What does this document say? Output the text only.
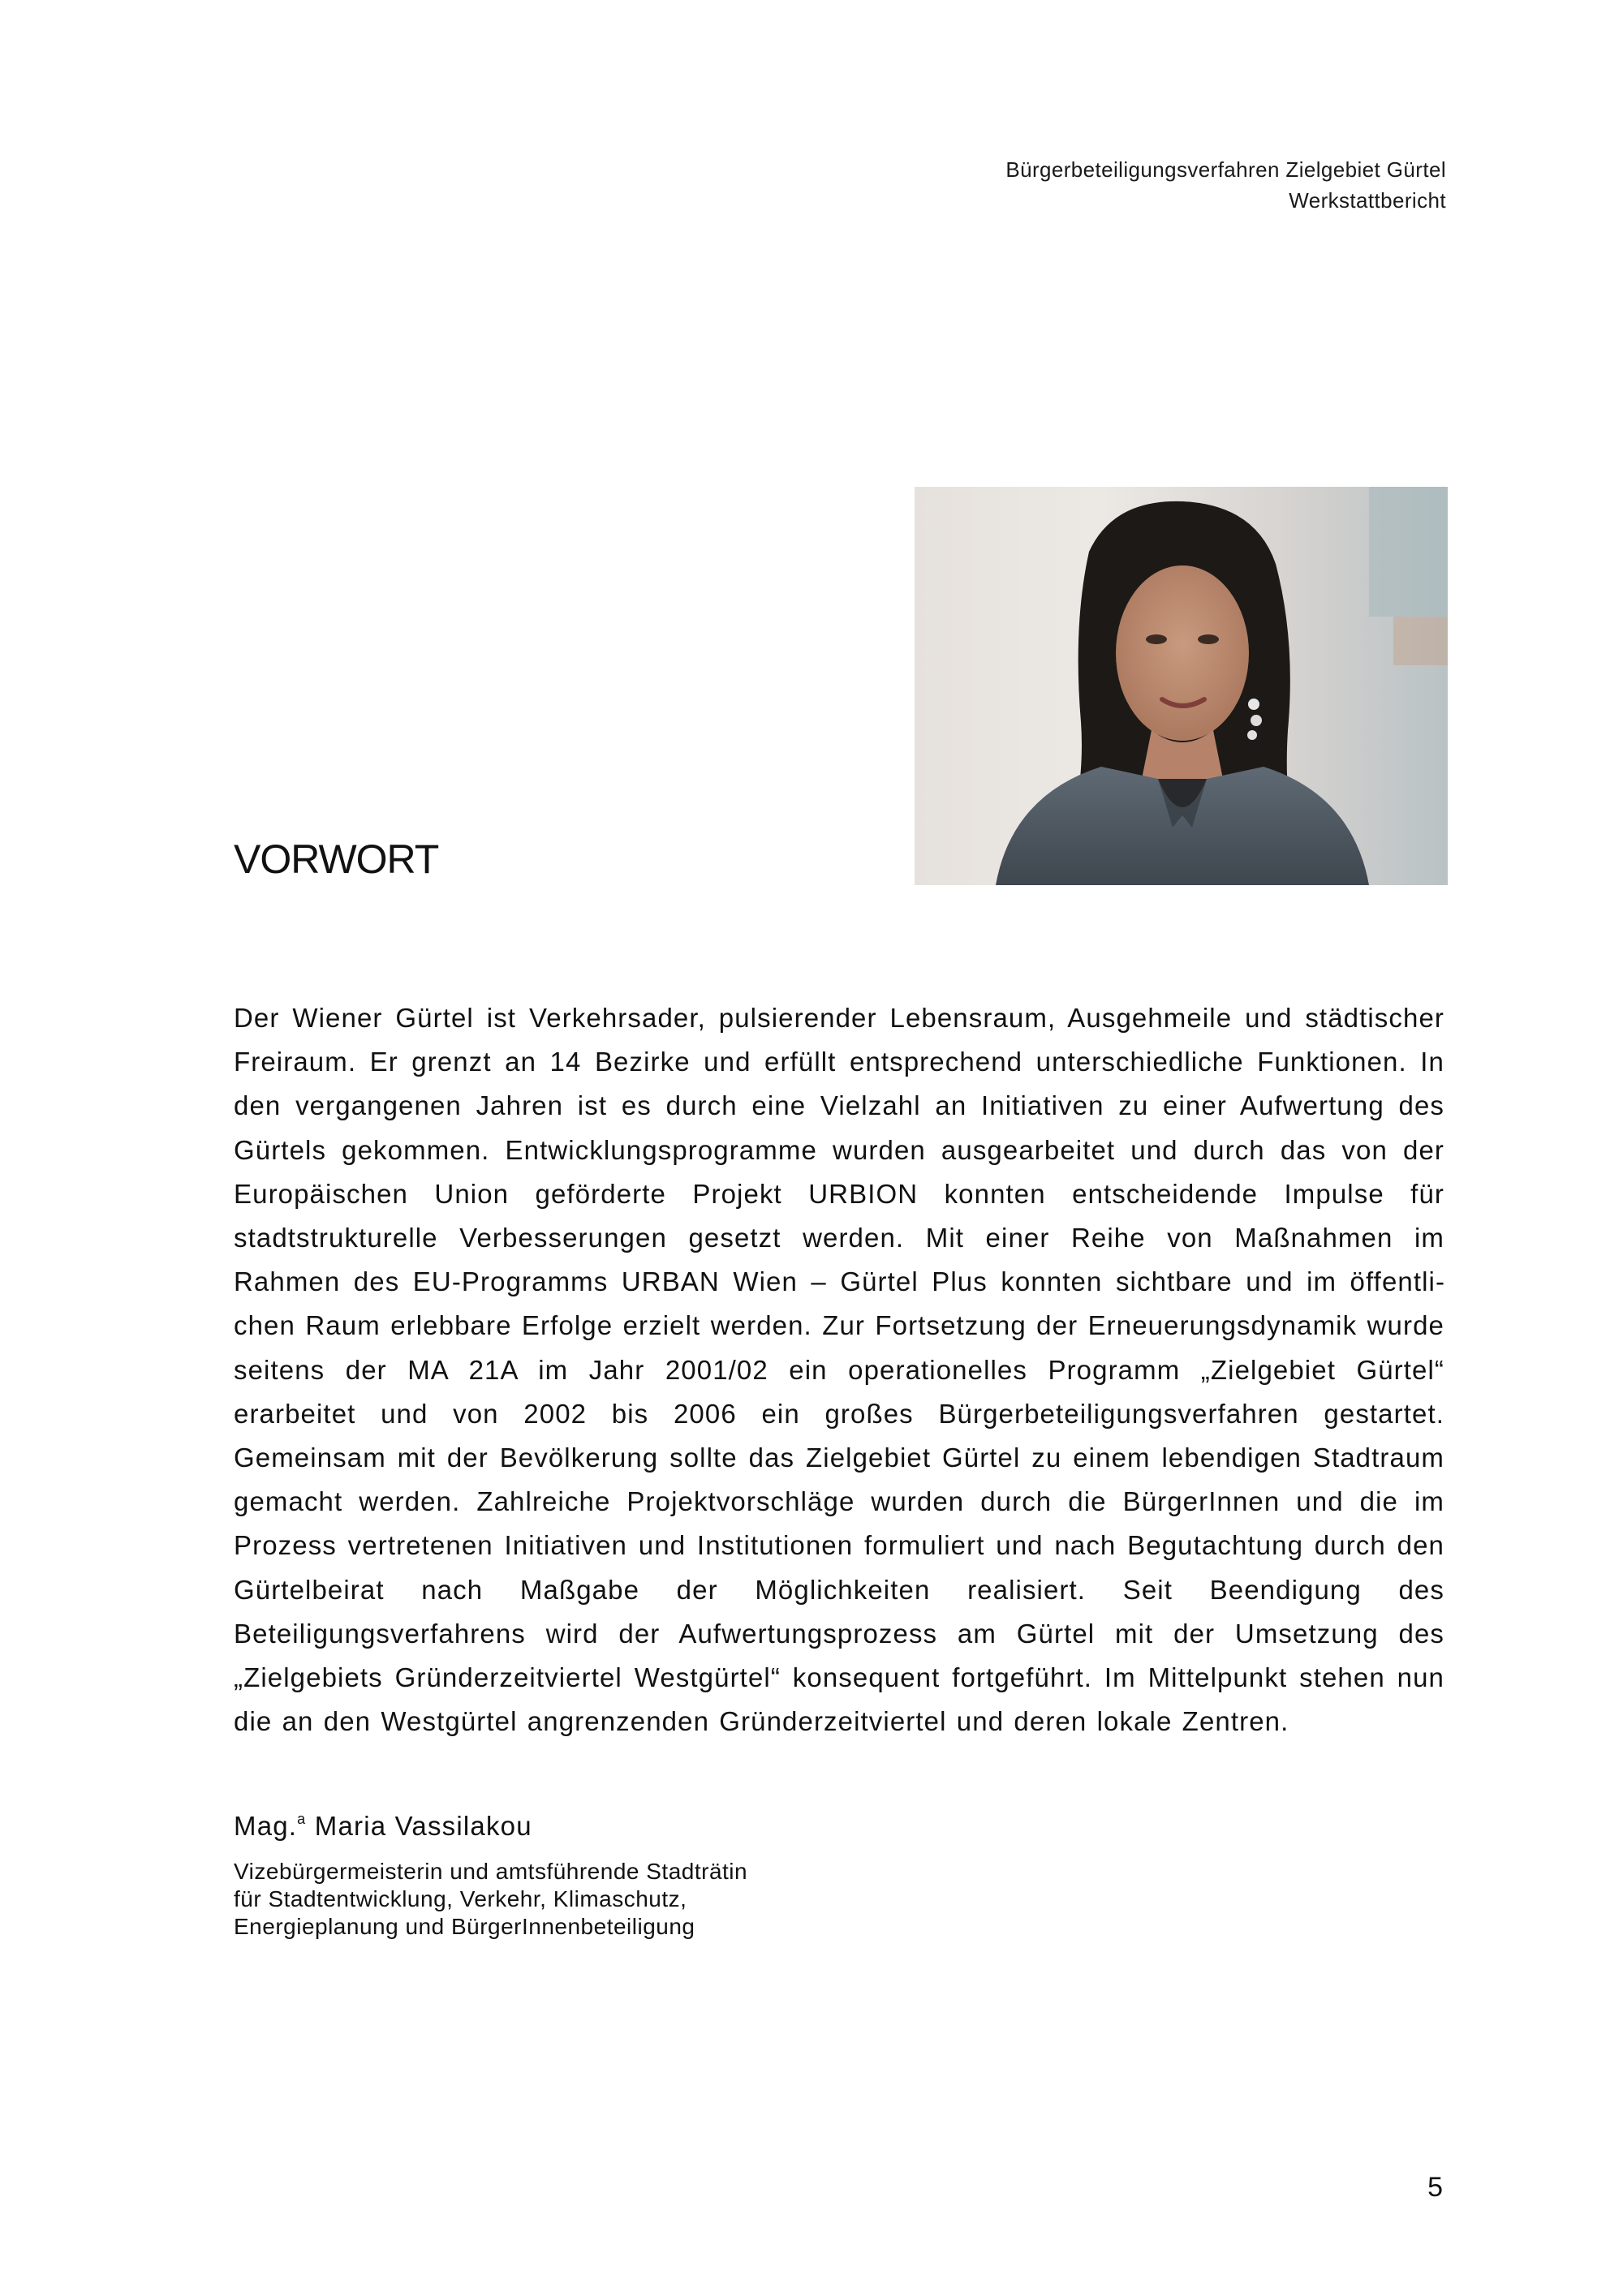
Bürgerbeteiligungsverfahren Zielgebiet Gürtel
Werkstattbericht
VORWORT

Der Wiener Gürtel ist Verkehrsader, pulsierender Lebensraum, Ausgehmeile und städtischer Freiraum. Er grenzt an 14 Bezirke und erfüllt entsprechend unterschiedliche Funktionen. In den vergangenen Jahren ist es durch eine Vielzahl an Initiativen zu einer Aufwertung des Gürtels gekommen. Entwicklungsprogramme wurden ausgearbeitet und durch das von der Europäischen Union geförderte Projekt URBION konnten entscheidende Impulse für stadtstrukturelle Verbesserungen gesetzt werden. Mit einer Reihe von Maßnahmen im Rahmen des EU-Programms URBAN Wien – Gürtel Plus konnten sichtbare und im öffentlichen Raum erlebbare Erfolge erzielt werden. Zur Fortsetzung der Erneuerungsdynamik wurde seitens der MA 21A im Jahr 2001/02 ein operationelles Programm „Zielgebiet Gürtel“ erarbeitet und von 2002 bis 2006 ein großes Bürgerbeteiligungsverfahren gestartet. Gemeinsam mit der Bevölkerung sollte das Zielgebiet Gürtel zu einem lebendigen Stadtraum gemacht werden. Zahlreiche Projektvorschläge wurden durch die BürgerInnen und die im Prozess vertretenen Initiativen und Institutionen formuliert und nach Begutachtung durch den Gürtelbeirat nach Maßgabe der Möglichkeiten realisiert. Seit Beendigung des Beteiligungsverfahrens wird der Aufwertungsprozess am Gürtel mit der Umsetzung des „Zielgebiets Gründerzeitviertel Westgürtel“ konsequent fortgeführt. Im Mittelpunkt stehen nun die an den Westgürtel angrenzenden Gründerzeitviertel und deren lokale Zentren.

Mag.$^a$ Maria Vassilakou
Vizebürgermeisterin und amtsführende Stadträtin
für Stadtentwicklung, Verkehr, Klimaschutz,
Energieplanung und BürgerInnenbeteiligung
5
